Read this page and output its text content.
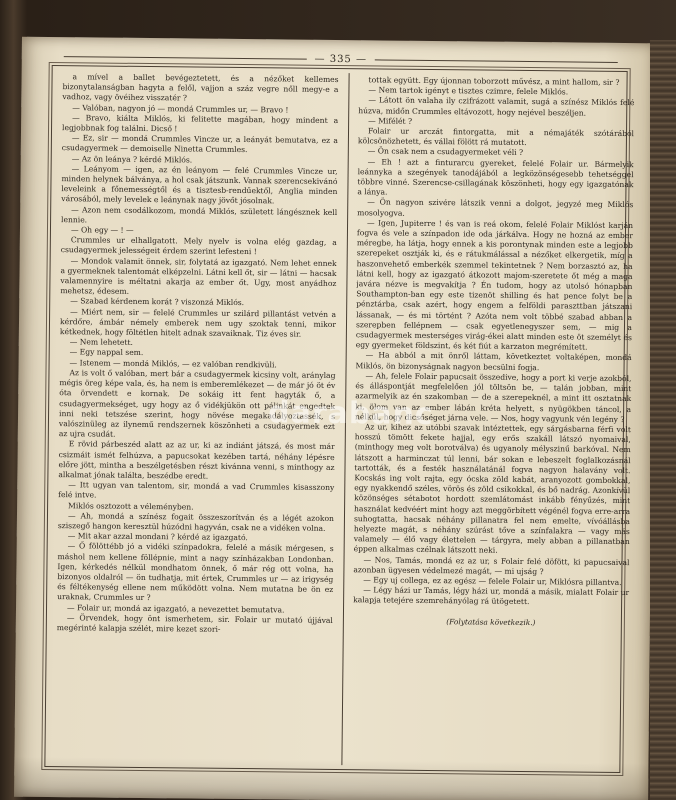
— 335 —

a mível a ballet bevégeztetett, és a nézőket kellemes bizonytalanságban hagyta a felől, vajjon a száz vegre nőll megy-e a vadhoz, vagy övéihez visszatér ?

— Valóban, nagyon jó — mondá Crummles ur, — Bravo !

— Bravo, kiálta Miklós, ki felitette magában, hogy mindent a legjobbnak fog találni. Dicső !

— Ez, sir — mondá Crummles Vincze ur, a leányát bemutatva, ez a csudagyermek — demoiselle Ninetta Crummles.

— Az ön leánya ? kérdé Miklós.

— Leányom — igen, az én leányom — felé Crummles Vincze ur, minden helynek bálványa, a hol csak játszunk. Vannak szerencsekivánó leveleink a főnemességtől és a tisztesb-rendűektől, Anglia minden városából, mely levelek e leánynak nagy jövőt jósolnak.

— Azon nem csodálkozom, mondá Miklós, született lángésznek kell lennie.

— Oh egy — ! —

Crummles ur elhallgatott. Mely nyelv is volna elég gazdag, a csudagyermek jelességeit érdem szerint lefesteni !

— Mondok valamit önnek, sir, folytatá az igazgató. Nem lehet ennek a gyermeknek talentomát elképzelni. Látni kell őt, sir — látni — hacsak valamennyire is méltatni akarja az ember őt. Ugy, most anyádhoz mehetsz, édesem.

— Szabad kérdenem korát ? viszonzá Miklós.

— Miért nem, sir — felelé Crummles ur szilárd pillantást vetvén a kérdőre, ámbár némely emberek nem ugy szoktak tenni, mikor kétkednek, hogy föltétlen hitelt adnak szavaiknak. Tiz éves sir.

— Nem lehetett.

— Egy nappal sem.

— Istenem — mondá Miklós, — ez valóban rendkivüli.

Az is volt ő valóban, mert bár a csudagyermek kicsiny volt, aránylag mégis öreg képe vala, és, ha nem is emberemlékezet — de már jó öt év óta örvendett e kornak. De sokáig itt fent hagyták ő, a csudagyermekséget, ugy hogy az ő vidékjükön ott pálinkát engedtek inni neki tetszése szerint, hogy növése megakadályoztassék, s valószinüleg az ilynemű rendszernek köszönheti a csudagyermek ezt az ujra csudát.

E rövid párbeszéd alatt az az ur, ki az indiánt játszá, és most már csizmáit ismét felhúzva, a papucsokat kezében tartá, néhány lépésre előre jött, mintha a beszélgetésben részt kivánna venni, s minthogy az alkalmat jónak találta, beszédbe eredt.

— Itt ugyan van talentom, sir, mondá a vad Crummles kisasszony felé intve.

Miklós osztozott a véleményben.

— Ah, mondá a színész fogait összeszorítván és a légét azokon sziszegő hangon keresztül húzódni hagyván, csak ne a vidéken volna.

— Mit akar azzal mondani ? kérdé az igazgató.

— Ő fölöttébb jó a vidéki színpadokra, felelé a másik mérgesen, s máshol nem kellene föllépnie, mint a nagy színházakban Londonban. Igen, kérkedés nélkül mondhatom önnek, ő már rég ott volna, ha bizonyos oldalról — ön tudhatja, mit értek, Crummles ur — az irigység és féltékenység ellene nem működött volna. Nem mutatna be ön ez uraknak, Crummles ur ?

— Folair ur, mondá az igazgató, a nevezettet bemutatva.

— Örvendek, hogy önt ismerhetem, sir. Folair ur mutató újjával megérinté kalapja szélét, mire kezet szori-

tottak együtt. Egy újonnan toborzott művész, a mint hallom, sir ?

— Nem tartok igényt e tisztes czimre, felele Miklós.

— Látott ön valaha ily czifrázott valamit, sugá a színész Miklós felé húzva, midőn Crummles eltávozott, hogy nejével beszéljen.

— Mifélét ?

Folair ur arczát fintorgatta, mit a némajáték szótárából kölcsönözhetett, és vállai fölött rá mutatott.

— Ön csak nem a csudagyermeket véli ?

— Eh ! azt a finturarcu gyereket, felelé Folair ur. Bármelyik leánnyka a szegények tanodájából a legközönségesebb tehetséggel többre vinné. Szerencse-csillagának köszönheti, hogy egy igazgatónak a lánya.

— Ön nagyon szivére látszik venni a dolgot, jegyzé meg Miklós mosolyogva.

— Igen, Jupiterre ! és van is reá okom, felelé Folair Miklóst karján fogva és vele a színpadon ide oda járkálva. Hogy ne hozná az ember méregbe, ha látja, hogy ennek a kis porontynak minden este a legjobb szerepeket osztják ki, és e rátukmálással a nézőket elkergetik, míg a haszonvehető emberkék szemmel tekintetnek ? Nem borzasztó az, ha látni kell, hogy az igazgató átkozott majom-szeretete őt még a maga javára nézve is megvakítja ? Én tudom, hogy az utolsó hónapban Southampton-ban egy este tizenöt shilling és hat pence folyt be a pénztárba, csak azért, hogy engem a felföldi paraszttban játszani lássanak, — és mi történt ? Azóta nem volt többé szabad abban a szerepben fellépnem — csak egyetlenegyszer sem, — mig a csudagyermek mesterséges virág-ékei alatt minden este öt személyt és egy gyermeket földszint, és két fiút a karzaton megrémített.

— Ha abból a mit önről láttam, következtet voltaképen, mondá Miklós, ön bizonyságnak nagyon becsülni fogja.

— Ah, felele Folair papucsait összedive, hogy a port ki verje azokból, és álláspontját megfelelően jól töltsön be, — talán jobban, mint azarmelyik az én szakomban — de a szerepeknél, a mint itt osztatnak ki, ölom van az ember lábán kréta helyett, s nyügökben táncol, a nélkül, hogy dicsőséget járna vele. — Nos, hogy vagyunk vén legény ?

Az ur, kihez az utóbbi szavak intéztettek, egy sárgásbarna férfi volt hosszú tömött fekete hajjal, egy erős szakáll látszó nyomaival, (minthogy meg volt borotválva) és ugyanoly mélyszinű barkóval. Nem látszott a harminczat túl lenni, bár sokan e lebeszelt foglalkozásnál tartották, és a festék használatánál fogva nagyon halavány volt. Kocskás ing volt rajta, egy ócska zöld kabát, aranyozott gombokkal, egy nyakkendő széles, vörös és zöld csikokkal, és bő nadrág. Azonkívül közönséges sétabotot hordott szemlátomást inkább fényűzés, mint használat kedvéért mint hogy azt meggörbített végénél fogva erre-arra suhogtatta, hacsak néhány pillanatra fel nem emelte, vívóállásba helyezte magát, s néhány szúrást tőve a színfalakra — vagy más valamely — élő vagy élettelen — tárgyra, mely abban a pillanatban éppen alkalmas czélnak látszott neki.

— Nos, Tamás, mondá ez az ur, s Folair felé döfött, ki papucsaival azonban ügyesen védelmezé magát, — mi ujság ?

— Egy uj collega, ez az egész — felele Folair ur, Miklósra pillantva.

— Légy házi ur Tamás, légy házi ur, mondá a másik, mialatt Folair ur kalapja tetejére szemrehányólag rá ütögetett.

(Folytatása következik.)

darabanc
